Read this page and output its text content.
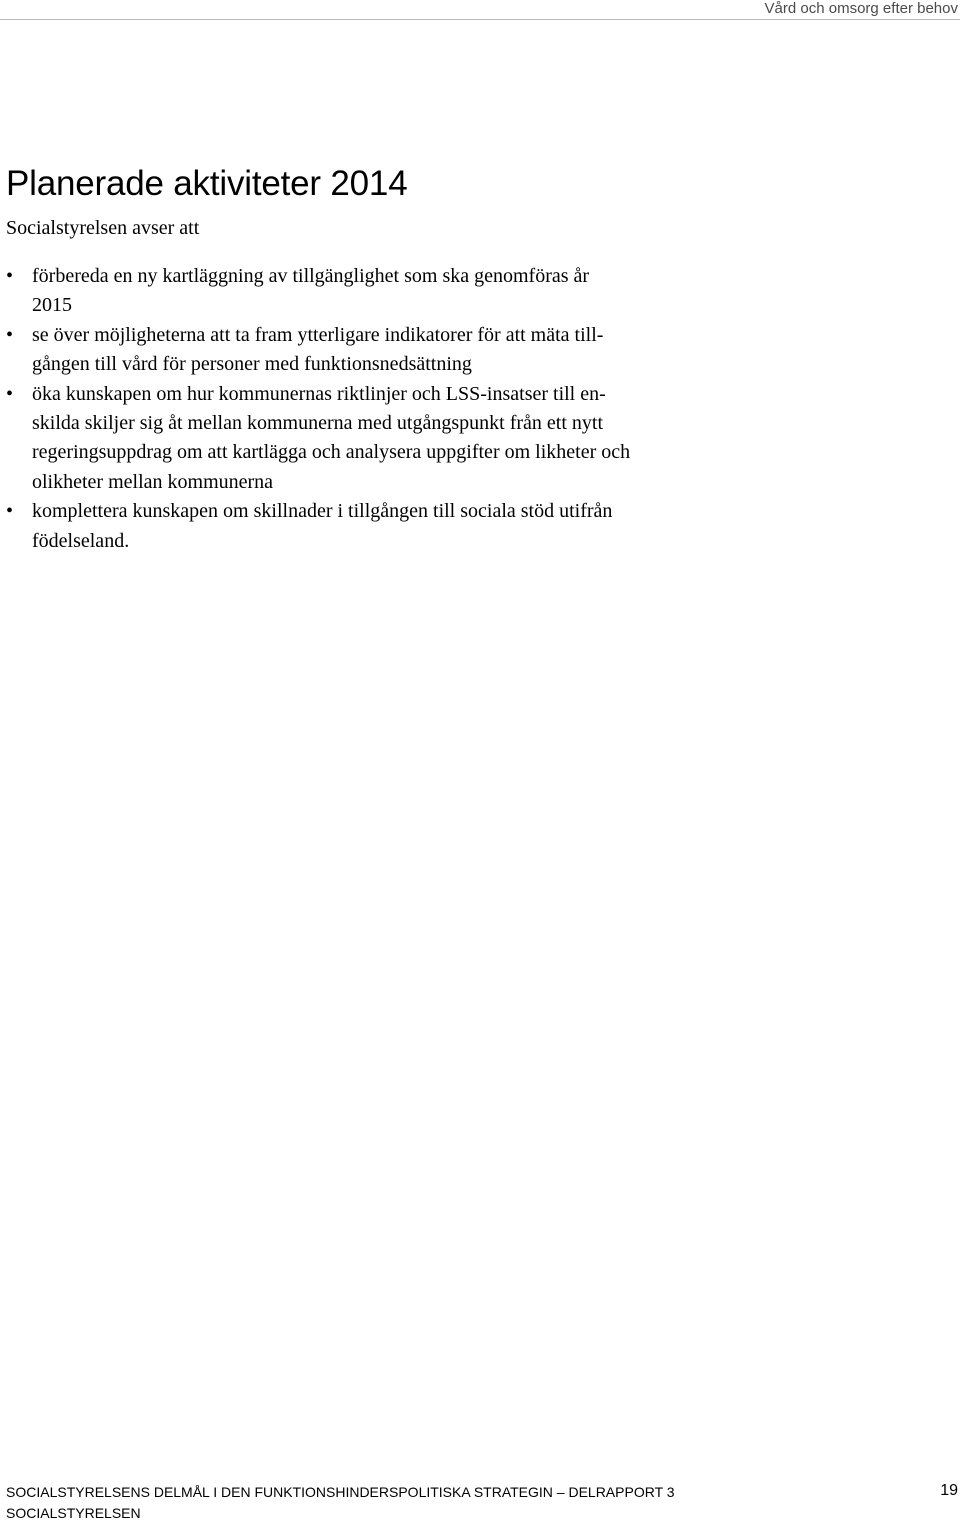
Vård och omsorg efter behov
Planerade aktiviteter 2014

Socialstyrelsen avser att

• förbereda en ny kartläggning av tillgänglighet som ska genomföras år
2015
• se över möjligheterna att ta fram ytterligare indikatorer för att mäta till-
gången till vård för personer med funktionsnedsättning
• öka kunskapen om hur kommunernas riktlinjer och LSS-insatser till en-
skilda skiljer sig åt mellan kommunerna med utgångspunkt från ett nytt
regeringsuppdrag om att kartlägga och analysera uppgifter om likheter och
olikheter mellan kommunerna
• komplettera kunskapen om skillnader i tillgången till sociala stöd utifrån
födelseland.
SOCIALSTYRELSENS DELMÅL I DEN FUNKTIONSHINDERSPOLITISKA STRATEGIN – DELRAPPORT 3
SOCIALSTYRELSEN
19
